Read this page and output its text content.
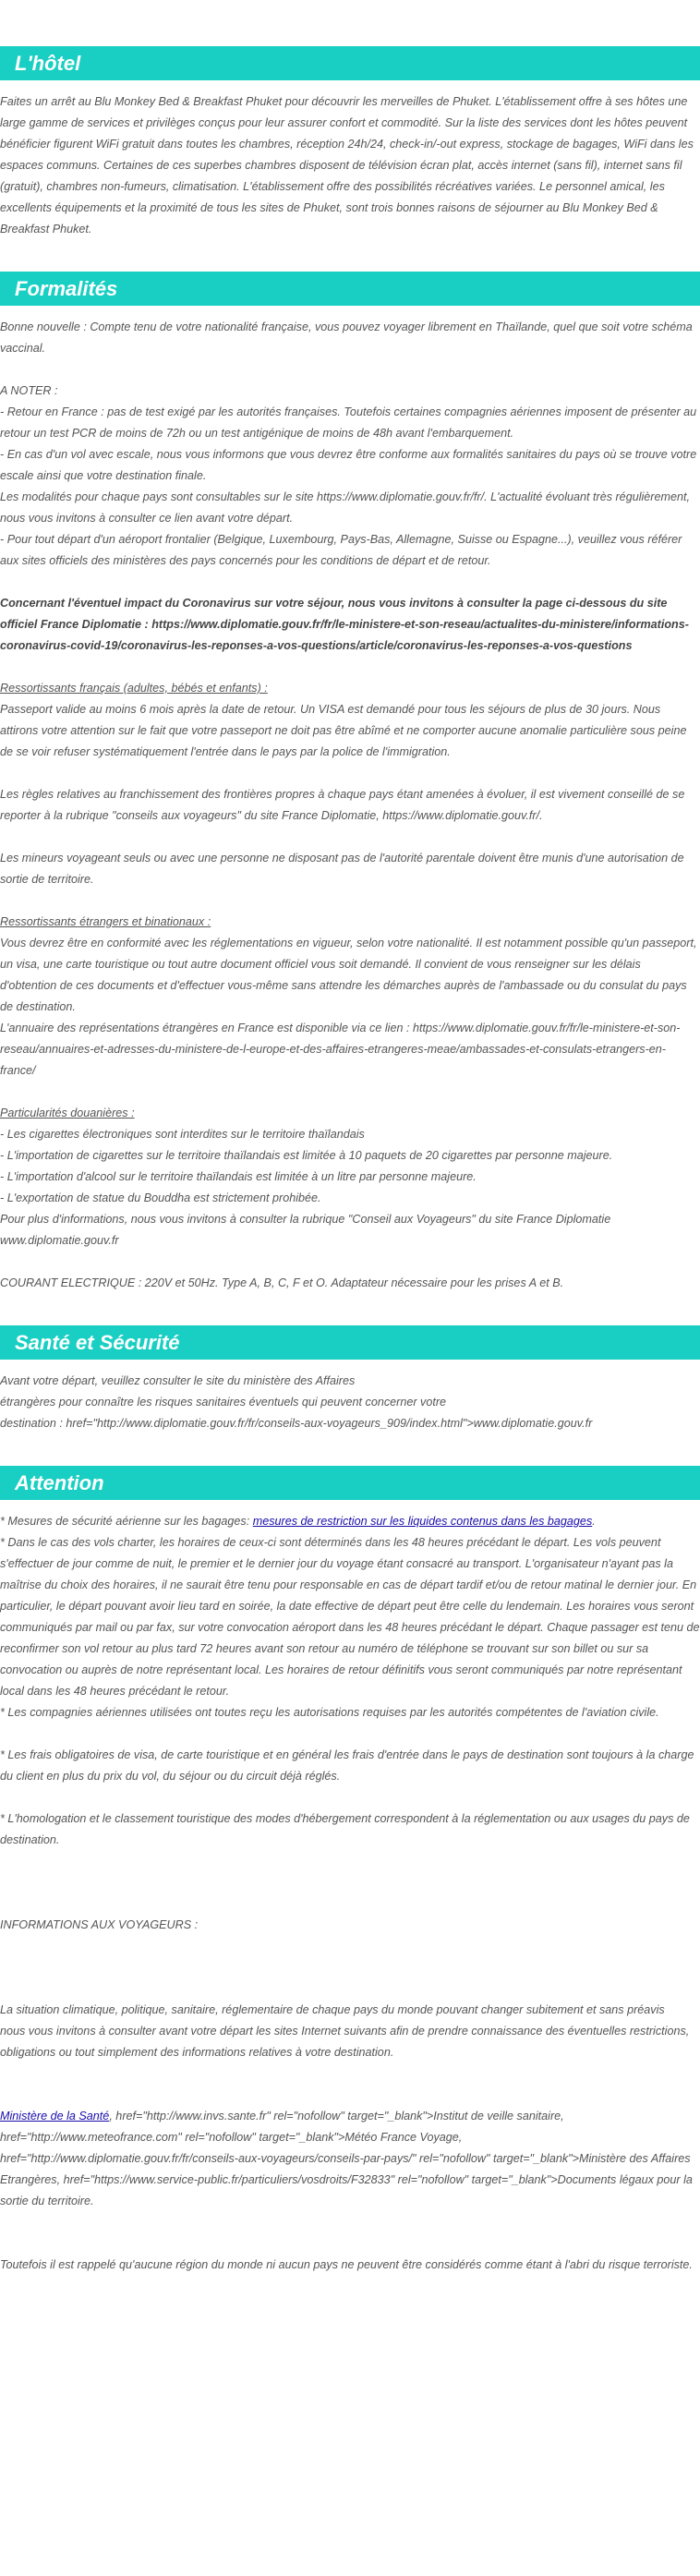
L'hôtel

Faites un arrêt au Blu Monkey Bed & Breakfast Phuket pour découvrir les merveilles de Phuket. L'établissement offre à ses hôtes une large gamme de services et privilèges conçus pour leur assurer confort et commodité. Sur la liste des services dont les hôtes peuvent bénéficier figurent WiFi gratuit dans toutes les chambres, réception 24h/24, check-in/-out express, stockage de bagages, WiFi dans les espaces communs. Certaines de ces superbes chambres disposent de télévision écran plat, accès internet (sans fil), internet sans fil (gratuit), chambres non-fumeurs, climatisation. L'établissement offre des possibilités récréatives variées. Le personnel amical, les excellents équipements et la proximité de tous les sites de Phuket, sont trois bonnes raisons de séjourner au Blu Monkey Bed & Breakfast Phuket.

Formalités

Bonne nouvelle : Compte tenu de votre nationalité française, vous pouvez voyager librement en Thaïlande, quel que soit votre schéma vaccinal.

A NOTER :

- Retour en France : pas de test exigé par les autorités françaises. Toutefois certaines compagnies aériennes imposent de présenter au retour un test PCR de moins de 72h ou un test antigénique de moins de 48h avant l'embarquement.

- En cas d'un vol avec escale, nous vous informons que vous devrez être conforme aux formalités sanitaires du pays où se trouve votre escale ainsi que votre destination finale.

Les modalités pour chaque pays sont consultables sur le site https://www.diplomatie.gouv.fr/fr/. L'actualité évoluant très régulièrement, nous vous invitons à consulter ce lien avant votre départ.

- Pour tout départ d'un aéroport frontalier (Belgique, Luxembourg, Pays-Bas, Allemagne, Suisse ou Espagne...), veuillez vous référer aux sites officiels des ministères des pays concernés pour les conditions de départ et de retour.

Concernant l'éventuel impact du Coronavirus sur votre séjour, nous vous invitons à consulter la page ci-dessous du site officiel France Diplomatie : https://www.diplomatie.gouv.fr/fr/le-ministere-et-son-reseau/actualites-du-ministere/informations-coronavirus-covid-19/coronavirus-les-reponses-a-vos-questions/article/coronavirus-les-reponses-a-vos-questions

Ressortissants français (adultes, bébés et enfants) :

Passeport valide au moins 6 mois après la date de retour. Un VISA est demandé pour tous les séjours de plus de 30 jours. Nous attirons votre attention sur le fait que votre passeport ne doit pas être abîmé et ne comporter aucune anomalie particulière sous peine de se voir refuser systématiquement l'entrée dans le pays par la police de l'immigration.

Les règles relatives au franchissement des frontières propres à chaque pays étant amenées à évoluer, il est vivement conseillé de se reporter à la rubrique "conseils aux voyageurs" du site France Diplomatie, https://www.diplomatie.gouv.fr/.

Les mineurs voyageant seuls ou avec une personne ne disposant pas de l'autorité parentale doivent être munis d'une autorisation de sortie de territoire.

Ressortissants étrangers et binationaux :

Vous devrez être en conformité avec les réglementations en vigueur, selon votre nationalité. Il est notamment possible qu'un passeport, un visa, une carte touristique ou tout autre document officiel vous soit demandé. Il convient de vous renseigner sur les délais d'obtention de ces documents et d'effectuer vous-même sans attendre les démarches auprès de l'ambassade ou du consulat du pays de destination.

L'annuaire des représentations étrangères en France est disponible via ce lien : https://www.diplomatie.gouv.fr/fr/le-ministere-et-son-reseau/annuaires-et-adresses-du-ministere-de-l-europe-et-des-affaires-etrangeres-meae/ambassades-et-consulats-etrangers-en-france/

Particularités douanières :

- Les cigarettes électroniques sont interdites sur le territoire thaïlandais

- L'importation de cigarettes sur le territoire thaïlandais est limitée à 10 paquets de 20 cigarettes par personne majeure.

- L'importation d'alcool sur le territoire thaïlandais est limitée à un litre par personne majeure.

- L'exportation de statue du Bouddha est strictement prohibée.

Pour plus d'informations, nous vous invitons à consulter la rubrique "Conseil aux Voyageurs" du site France Diplomatie www.diplomatie.gouv.fr

COURANT ELECTRIQUE : 220V et 50Hz. Type A, B, C, F et O. Adaptateur nécessaire pour les prises A et B.

Santé et Sécurité

Avant votre départ, veuillez consulter le site du ministère des Affaires

étrangères pour connaître les risques sanitaires éventuels qui peuvent concerner votre

destination : href="http://www.diplomatie.gouv.fr/fr/conseils-aux-voyageurs_909/index.html">www.diplomatie.gouv.fr

Attention

* Mesures de sécurité aérienne sur les bagages: mesures de restriction sur les liquides contenus dans les bagages.

* Dans le cas des vols charter, les horaires de ceux-ci sont déterminés dans les 48 heures précédant le départ. Les vols peuvent s'effectuer de jour comme de nuit, le premier et le dernier jour du voyage étant consacré au transport. L'organisateur n'ayant pas la maîtrise du choix des horaires, il ne saurait être tenu pour responsable en cas de départ tardif et/ou de retour matinal le dernier jour. En particulier, le départ pouvant avoir lieu tard en soirée, la date effective de départ peut être celle du lendemain. Les horaires vous seront communiqués par mail ou par fax, sur votre convocation aéroport dans les 48 heures précédant le départ. Chaque passager est tenu de reconfirmer son vol retour au plus tard 72 heures avant son retour au numéro de téléphone se trouvant sur son billet ou sur sa convocation ou auprès de notre représentant local. Les horaires de retour définitifs vous seront communiqués par notre représentant local dans les 48 heures précédant le retour.

* Les compagnies aériennes utilisées ont toutes reçu les autorisations requises par les autorités compétentes de l'aviation civile.

* Les frais obligatoires de visa, de carte touristique et en général les frais d'entrée dans le pays de destination sont toujours à la charge du client en plus du prix du vol, du séjour ou du circuit déjà réglés.

* L'homologation et le classement touristique des modes d'hébergement correspondent à la réglementation ou aux usages du pays de destination.

INFORMATIONS AUX VOYAGEURS :

La situation climatique, politique, sanitaire, réglementaire de chaque pays du monde pouvant changer subitement et sans préavis

nous vous invitons à consulter avant votre départ les sites Internet suivants afin de prendre connaissance des éventuelles restrictions, obligations ou tout simplement des informations relatives à votre destination.

Ministère de la Santé, href="http://www.invs.sante.fr" rel="nofollow" target="_blank">Institut de veille sanitaire, href="http://www.meteofrance.com" rel="nofollow" target="_blank">Météo France Voyage, href="http://www.diplomatie.gouv.fr/fr/conseils-aux-voyageurs/conseils-par-pays/" rel="nofollow" target="_blank">Ministère des Affaires Etrangères, href="https://www.service-public.fr/particuliers/vosdroits/F32833" rel="nofollow" target="_blank">Documents légaux pour la sortie du territoire.

Toutefois il est rappelé qu'aucune région du monde ni aucun pays ne peuvent être considérés comme étant à l'abri du risque terroriste.
